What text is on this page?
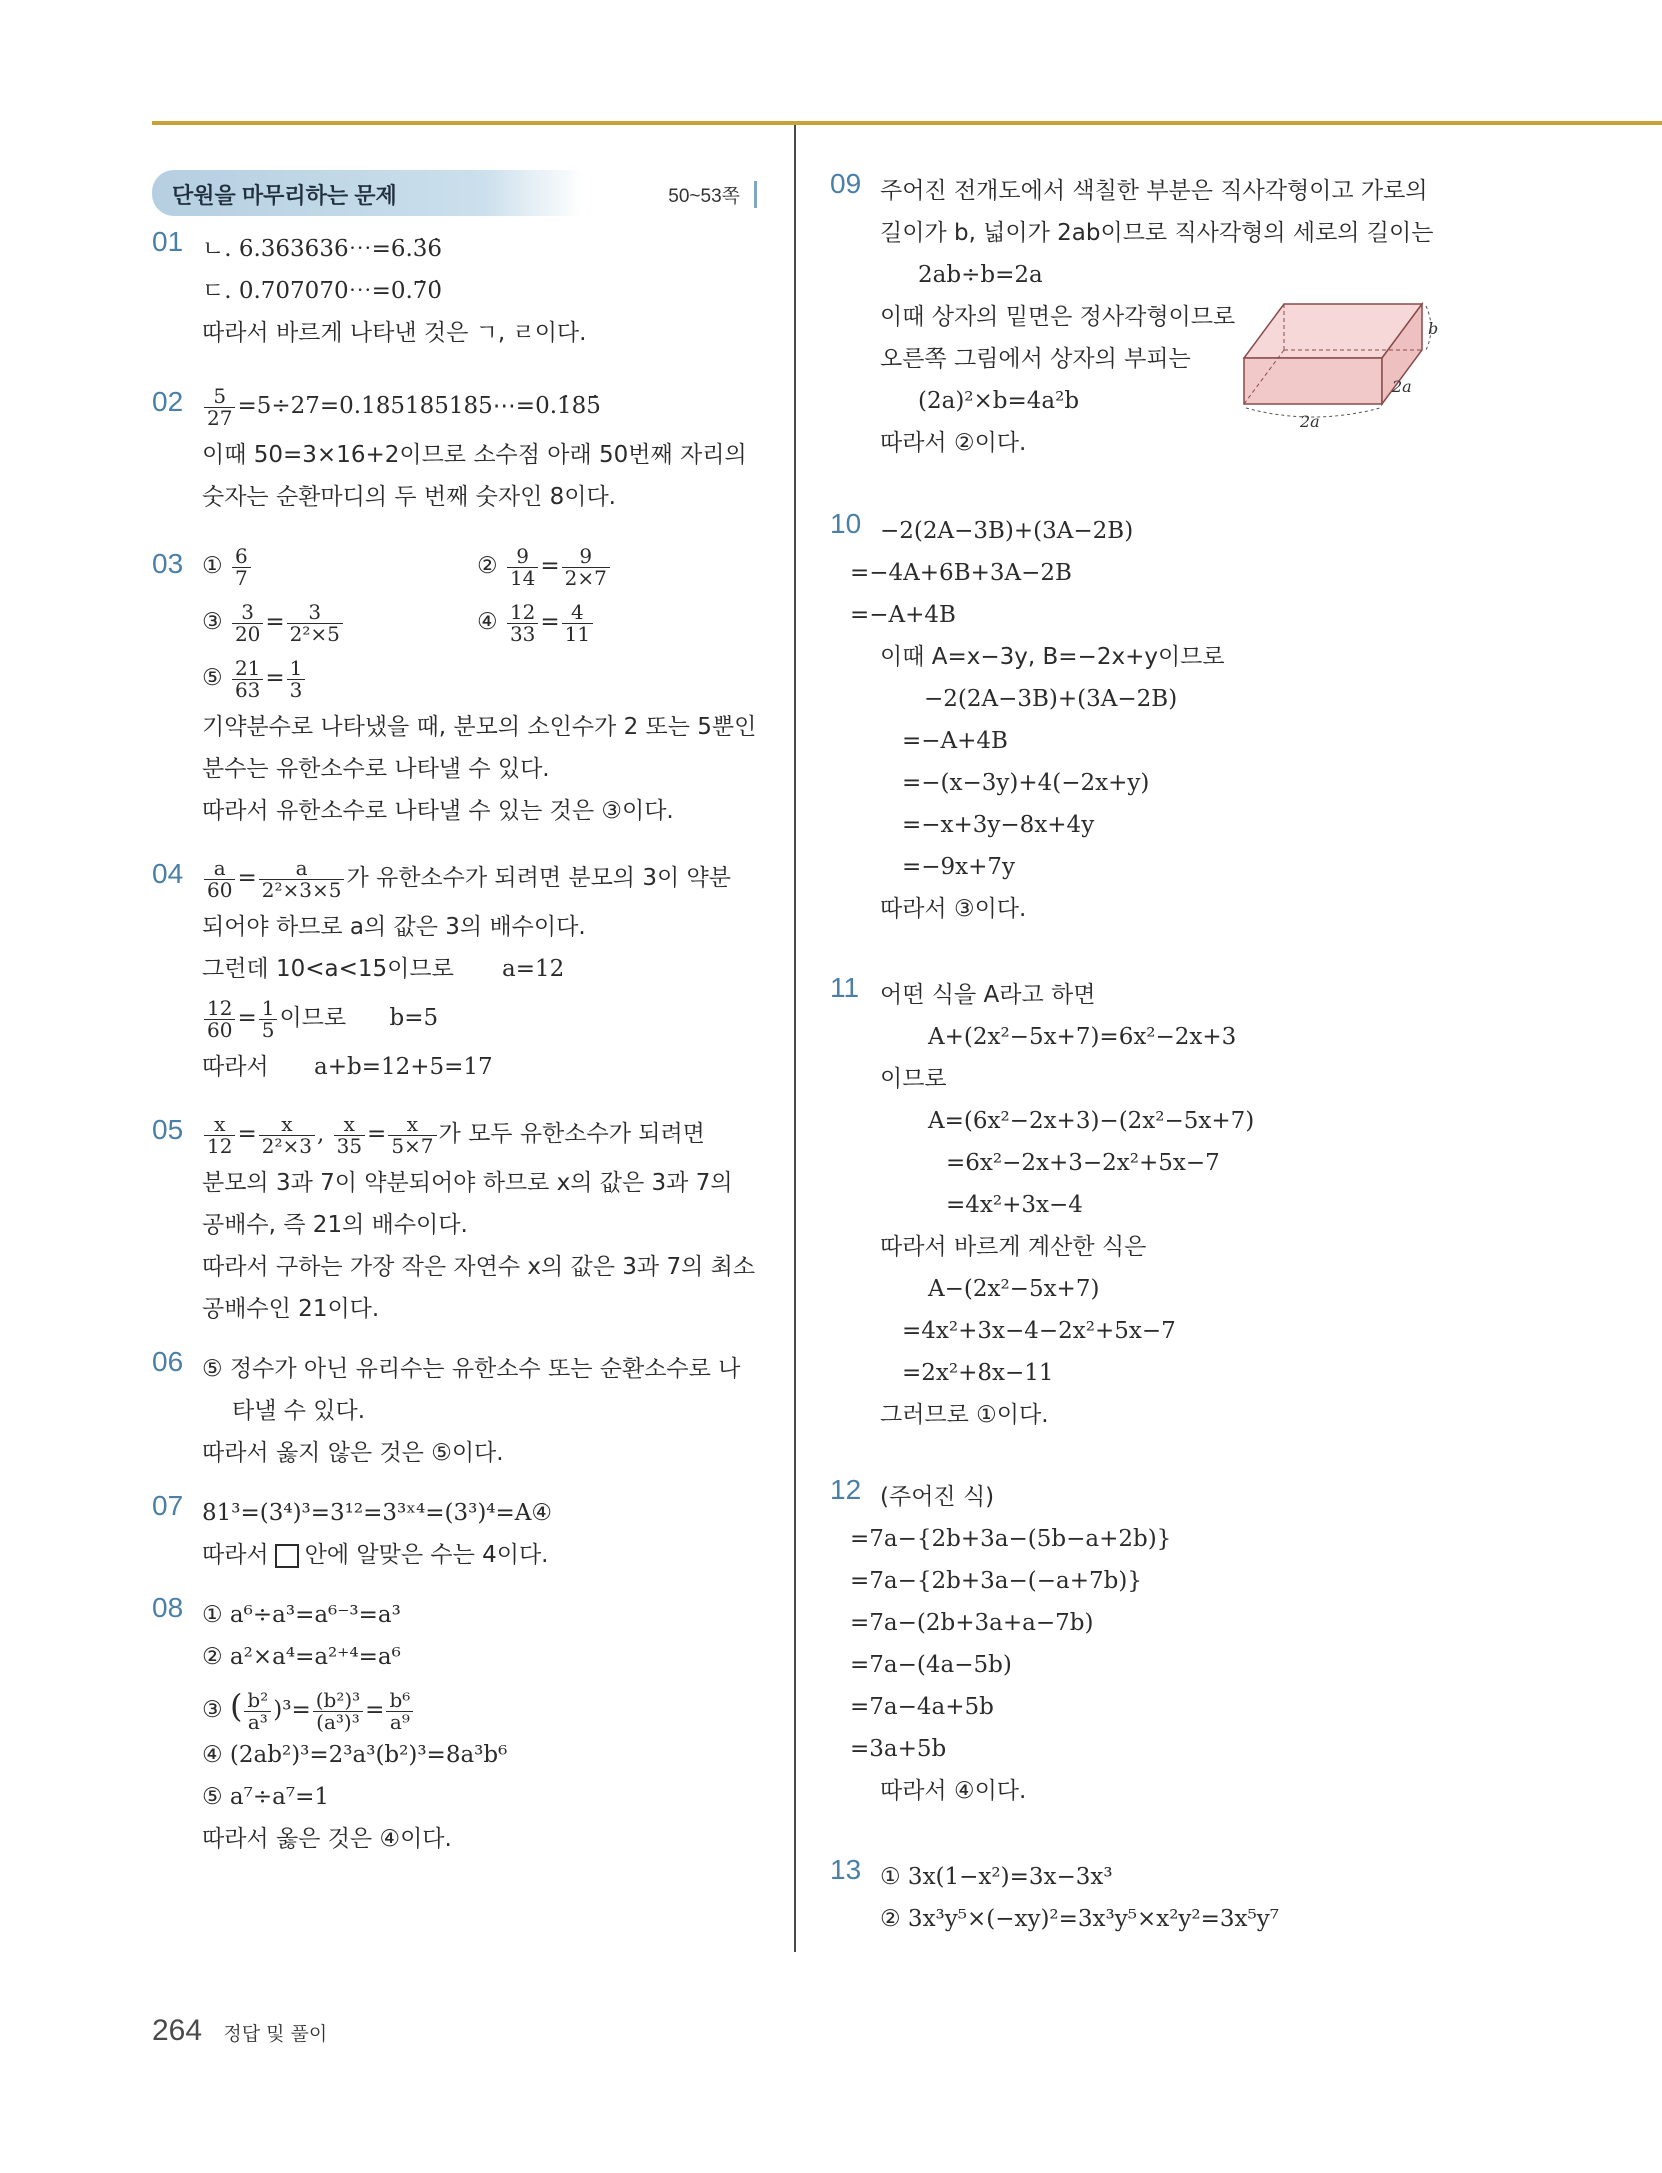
단원을 마무리하는 문제	50~53쪽
01 ㄴ. 6.363636⋯=6.3̇6̇
ㄷ. 0.707070⋯=0.7̇0̇
따라서 바르게 나타낸 것은 ㄱ, ㄹ이다.
$02 \frac{5}{27}$ =5÷27=0.185185185⋯=0.1̇85̇
이때 50=3×16+2이므로 소수점 아래 50번째 자리의
숫자는 순환마디의 두 번째 숫자인 8이다.
03 ① $\frac{6}{7}$	② $\frac{9}{14} = \frac{9}{2\times 7}$
③ $\frac{3}{20} = \frac{3}{\text{2²×5}}$	④ $\frac{12}{33} = \frac{4}{11}$
⑤ $\frac{21}{63} = \frac{1}{3}$
기약분수로 나타냈을 때, 분모의 소인수가 2 또는 5뿐인
분수는 유한소수로 나타낼 수 있다.
따라서 유한소수로 나타낼 수 있는 것은 ③이다.
$04 \frac{a}{60} = \frac{a}{\text{2²×3×5}}$ 가 유한소수가 되려면 분모의 3이 약분
되어야 하므로 a의 값은 3의 배수이다.
그런데 10<a<15이므로 a=12
$\frac{12}{60} = \frac{1}{5}$ 이므로 b=5
따라서 a+b=12+5=17
$05 \frac{x}{12} = \frac{x}{\text{2²×3}}$ , $\frac{x}{35} = \frac{x}{5\times 7}$ 가 모두 유한소수가 되려면
분모의 3과 7이 약분되어야 하므로 x의 값은 3과 7의
공배수, 즉 21의 배수이다.
따라서 구하는 가장 작은 자연수 x의 값은 3과 7의 최소
공배수인 21이다.
06 ⑤ 정수가 아닌 유리수는 유한소수 또는 순환소수로 나
타낼 수 있다.
따라서 옳지 않은 것은 ⑤이다.
07 81³=(3⁴)³=3¹²=3³ˣ⁴=(3³)⁴=A④
따라서 안에 알맞은 수는 4이다.
08 ① a⁶÷a³=a⁶⁻³=a³
② a²×a⁴=a²⁺⁴=a⁶
③ ( $\frac{\text{b²}}{\text{a³}} )^3= \frac{\text{(b²)³}}{\text{(a³)³}} = \frac{\text{b⁶}}{\text{a⁹}}$
④ (2ab²)³=2³a³(b²)³=8a³b⁶
⑤ a⁷÷a⁷=1
따라서 옳은 것은 ④이다.
09 주어진 전개도에서 색칠한 부분은 직사각형이고 가로의
길이가 b, 넓이가 2ab이므로 직사각형의 세로의 길이는
2ab÷b=2a
이때 상자의 밑면은 정사각형이므로
오른쪽 그림에서 상자의 부피는
(2a)²×b=4a²b
따라서 ②이다.
10 −2(2A−3B)+(3A−2B)
=−4A+6B+3A−2B
=−A+4B
이때 A=x−3y, B=−2x+y이므로
−2(2A−3B)+(3A−2B)
=−A+4B
=−(x−3y)+4(−2x+y)
=−x+3y−8x+4y
=−9x+7y
따라서 ③이다.
11 어떤 식을 A라고 하면
A+(2x²−5x+7)=6x²−2x+3
이므로
A=(6x²−2x+3)−(2x²−5x+7)
=6x²−2x+3−2x²+5x−7
=4x²+3x−4
따라서 바르게 계산한 식은
A−(2x²−5x+7)
=4x²+3x−4−2x²+5x−7
=2x²+8x−11
그러므로 ①이다.
12 (주어진 식)
=7a−{2b+3a−(5b−a+2b)}
=7a−{2b+3a−(−a+7b)}
=7a−(2b+3a+a−7b)
=7a−(4a−5b)
=7a−4a+5b
=3a+5b
따라서 ④이다.
13 ① 3x(1−x²)=3x−3x³
② 3x³y⁵×(−xy)²=3x³y⁵×x²y²=3x⁵y⁷
b
2a
2a
264 정답 및 풀이
